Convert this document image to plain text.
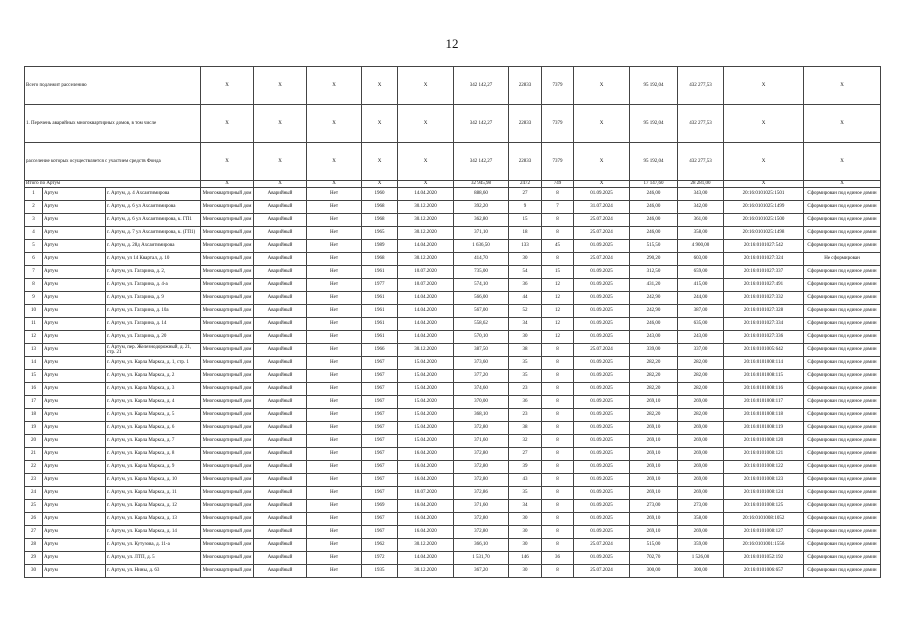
12
Всего подлежит расселению			X	X	X	X	X	342 142,27	22833	7379	X	95 192,04	432 277,53	X	X
1. Перечень аварийных многоквартирных домов, в том числе			X	X	X	X	X	342 142,27	22833	7379	X	95 192,04	432 277,53	X	X
расселение которых осуществляется с участием средств Фонда			X	X	X	X	X	342 142,27	22833	7379	X	95 192,04	432 277,53	X	X
Итого по Артум			X	X	X	X	X	32 945,98	2472	749	X	17 147,60	28 281,00	X	X
1	Артум	г. Артум, д. 4 Ахсаитимирова	Многоквартирный дом	Аварийный	Нет	1960	14.04.2020	888,60	27	8	01.09.2025	246,00	343,00	20:16:0101025:1501	Сформирован под единое домин
2	Артум	г. Артум, д. 6 ул Ахсаитимирова	Многоквартирный дом	Аварийный	Нет	1968	30.12.2020	392,20	9	7	31.07.2024	246,00	342,00	20:16:0101025:1499	Сформирован под единое домин
3	Артум	г. Артум, д. 6 ул Ахсаитимирова, к. ГП1	Многоквартирный дом	Аварийный	Нет	1968	30.12.2020	362,80	15	8	25.07.2024	246,00	361,00	20:16:0101025:1500	Сформирован под единое домин
4	Артум	г. Артум, д. 7 ул Ахсаитимирова, к. (ГП1)	Многоквартирный дом	Аварийный	Нет	1965	30.12.2020	371,10	18	8	25.07.2024	246,00	358,00	20:16:0101025:1498	Сформирован под единое домин
5	Артум	г. Артум, д. 28д Ахсаитимирова	Многоквартирный дом	Аварийный	Нет	1989	14.04.2020	1 636,50	133	45	01.09.2025	515,50	4 900,00	20:16:0101027:542	Сформирован под единое домин
6	Артум	г. Артум, ул 14 Квартал, д. 10	Многоквартирный дом	Аварийный	Нет	1968	30.12.2020	414,70	30	8	25.07.2024	290,20	603,00	20:16:0101027:324	Не сформирован
7	Артум	г. Артум, ул. Гагарина, д. 2,	Многоквартирный дом	Аварийный	Нет	1961	10.07.2020	735,00	54	15	01.09.2025	312,50	659,00	20:16:0101027:337	Сформирован под единое домин
8	Артум	г. Артум, ул. Гагарина, д. 4-а	Многоквартирный дом	Аварийный	Нет	1977	10.07.2020	574,10	36	12	01.09.2025	431,20	415,00	20:16:0101027:491	Сформирован под единое домин
9	Артум	г. Артум, ул. Гагарина, д. 9	Многоквартирный дом	Аварийный	Нет	1961	14.04.2020	566,00	44	12	01.09.2025	242,90	244,00	20:16:0101027:332	Сформирован под единое домин
10	Артум	г. Артум, ул. Гагарина, д. 10а	Многоквартирный дом	Аварийный	Нет	1961	14.04.2020	567,00	52	12	01.09.2025	242,90	387,00	20:16:0101027:328	Сформирован под единое домин
11	Артум	г. Артум, ул. Гагарина, д. 14	Многоквартирный дом	Аварийный	Нет	1961	14.04.2020	558,62	34	12	01.09.2025	246,00	635,00	20:16:0101027:334	Сформирован под единое домин
12	Артум	г. Артум, ул. Гагарина, д. 20	Многоквартирный дом	Аварийный	Нет	1961	14.04.2020	570,10	30	12	01.09.2025	243,00	243,00	20:16:0101027:336	Сформирован под единое домин
13	Артум	г. Артум, пер. Железнодорожный, д. 21, стр. 21	Многоквартирный дом	Аварийный	Нет	1966	30.12.2020	387,50	38	8	25.07.2024	339,00	337,00	20:16:0101005:642	Сформирован под единое домин
14	Артум	г. Артум, ул. Карла Маркса, д. 1, стр. 1	Многоквартирный дом	Аварийный	Нет	1967	15.04.2020	373,60	35	8	01.09.2025	282,20	282,00	20:16:0101008:114	Сформирован под единое домин
15	Артум	г. Артум, ул. Карла Маркса, д. 2	Многоквартирный дом	Аварийный	Нет	1967	15.04.2020	377,20	35	8	01.09.2025	282,20	282,00	20:16:0101008:115	Сформирован под единое домин
16	Артум	г. Артум, ул. Карла Маркса, д. 3	Многоквартирный дом	Аварийный	Нет	1967	15.04.2020	374,60	23	8	01.09.2025	282,20	282,00	20:16:0101008:116	Сформирован под единое домин
17	Артум	г. Артум, ул. Карла Маркса, д. 4	Многоквартирный дом	Аварийный	Нет	1967	15.04.2020	370,00	36	8	01.09.2025	269,10	269,00	20:16:0101008:117	Сформирован под единое домин
18	Артум	г. Артум, ул. Карла Маркса, д. 5	Многоквартирный дом	Аварийный	Нет	1967	15.04.2020	368,10	23	8	01.09.2025	282,20	282,00	20:16:0101008:118	Сформирован под единое домин
19	Артум	г. Артум, ул. Карла Маркса, д. 6	Многоквартирный дом	Аварийный	Нет	1967	15.04.2020	372,80	38	8	01.09.2025	269,10	269,00	20:16:0101008:119	Сформирован под единое домин
20	Артум	г. Артум, ул. Карла Маркса, д. 7	Многоквартирный дом	Аварийный	Нет	1967	15.04.2020	371,60	32	8	01.09.2025	269,10	269,00	20:16:0101008:120	Сформирован под единое домин
21	Артум	г. Артум, ул. Карла Маркса, д. 8	Многоквартирный дом	Аварийный	Нет	1967	16.04.2020	372,80	27	8	01.09.2025	269,10	269,00	20:16:0101008:121	Сформирован под единое домин
22	Артум	г. Артум, ул. Карла Маркса, д. 9	Многоквартирный дом	Аварийный	Нет	1967	16.04.2020	372,80	39	8	01.09.2025	269,10	269,00	20:16:0101008:122	Сформирован под единое домин
23	Артум	г. Артум, ул. Карла Маркса, д. 10	Многоквартирный дом	Аварийный	Нет	1967	16.04.2020	372,80	43	8	01.09.2025	269,10	269,00	20:16:0101008:123	Сформирован под единое домин
24	Артум	г. Артум, ул. Карла Маркса, д. 11	Многоквартирный дом	Аварийный	Нет	1967	10.07.2020	372,86	35	8	01.09.2025	269,10	269,00	20:16:0101008:124	Сформирован под единое домин
25	Артум	г. Артум, ул. Карла Маркса, д. 12	Многоквартирный дом	Аварийный	Нет	1969	16.04.2020	371,60	34	8	01.09.2025	273,00	273,00	20:16:0101008:125	Сформирован под единое домин
26	Артум	г. Артум, ул. Карла Маркса, д. 13	Многоквартирный дом	Аварийный	Нет	1967	16.04.2020	372,80	30	8	01.09.2025	269,10	358,00	20:16:0101008:1052	Сформирован под единое домин
27	Артум	г. Артум, ул. Карла Маркса, д. 14	Многоквартирный дом	Аварийный	Нет	1967	16.04.2020	372,80	30	8	01.09.2025	269,10	269,00	20:16:0101008:127	Сформирован под единое домин
28	Артум	г. Артум, ул. Кутузова, д. 11-а	Многоквартирный дом	Аварийный	Нет	1962	30.12.2020	366,10	30	8	25.07.2024	515,00	359,00	20:16:0101001:1556	Сформирован под единое домин
29	Артум	г. Артум, ул. ЛТП, д. 5	Многоквартирный дом	Аварийный	Нет	1972	14.04.2020	1 531,70	146	36	01.09.2025	702,70	1 526,00	20:16:0101052:192	Сформирован под единое домин
30	Артум	г. Артум, ул. Нины, д. 63	Многоквартирный дом	Аварийный	Нет	1935	30.12.2020	367,20	30	8	25.07.2024	300,00	300,00	20:16:0101006:657	Сформирован под единое домин
